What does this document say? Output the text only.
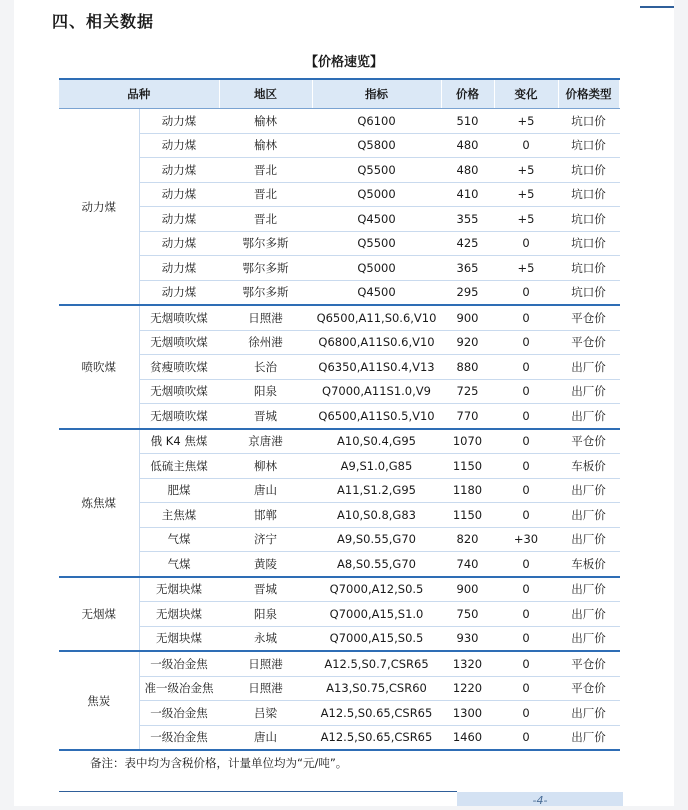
四、相关数据
【价格速览】
品种		地区	指标	价格	变化	价格类型
动力煤	动力煤	榆林	Q6100	510	+5	坑口价
	动力煤	榆林	Q5800	480	0	坑口价
	动力煤	晋北	Q5500	480	+5	坑口价
	动力煤	晋北	Q5000	410	+5	坑口价
	动力煤	晋北	Q4500	355	+5	坑口价
	动力煤	鄂尔多斯	Q5500	425	0	坑口价
	动力煤	鄂尔多斯	Q5000	365	+5	坑口价
	动力煤	鄂尔多斯	Q4500	295	0	坑口价
喷吹煤	无烟喷吹煤	日照港	Q6500,A11,S0.6,V10	900	0	平仓价
	无烟喷吹煤	徐州港	Q6800,A11S0.6,V10	920	0	平仓价
	贫瘦喷吹煤	长治	Q6350,A11S0.4,V13	880	0	出厂价
	无烟喷吹煤	阳泉	Q7000,A11S1.0,V9	725	0	出厂价
	无烟喷吹煤	晋城	Q6500,A11S0.5,V10	770	0	出厂价
炼焦煤	俄 K4 焦煤	京唐港	A10,S0.4,G95	1070	0	平仓价
	低硫主焦煤	柳林	A9,S1.0,G85	1150	0	车板价
	肥煤	唐山	A11,S1.2,G95	1180	0	出厂价
	主焦煤	邯郸	A10,S0.8,G83	1150	0	出厂价
	气煤	济宁	A9,S0.55,G70	820	+30	出厂价
	气煤	黄陵	A8,S0.55,G70	740	0	车板价
无烟煤	无烟块煤	晋城	Q7000,A12,S0.5	900	0	出厂价
	无烟块煤	阳泉	Q7000,A15,S1.0	750	0	出厂价
	无烟块煤	永城	Q7000,A15,S0.5	930	0	出厂价
焦炭	一级冶金焦	日照港	A12.5,S0.7,CSR65	1320	0	平仓价
	准一级冶金焦	日照港	A13,S0.75,CSR60	1220	0	平仓价
	一级冶金焦	吕梁	A12.5,S0.65,CSR65	1300	0	出厂价
	一级冶金焦	唐山	A12.5,S0.65,CSR65	1460	0	出厂价
备注：表中均为含税价格，计量单位均为“元/吨”。
-4-
